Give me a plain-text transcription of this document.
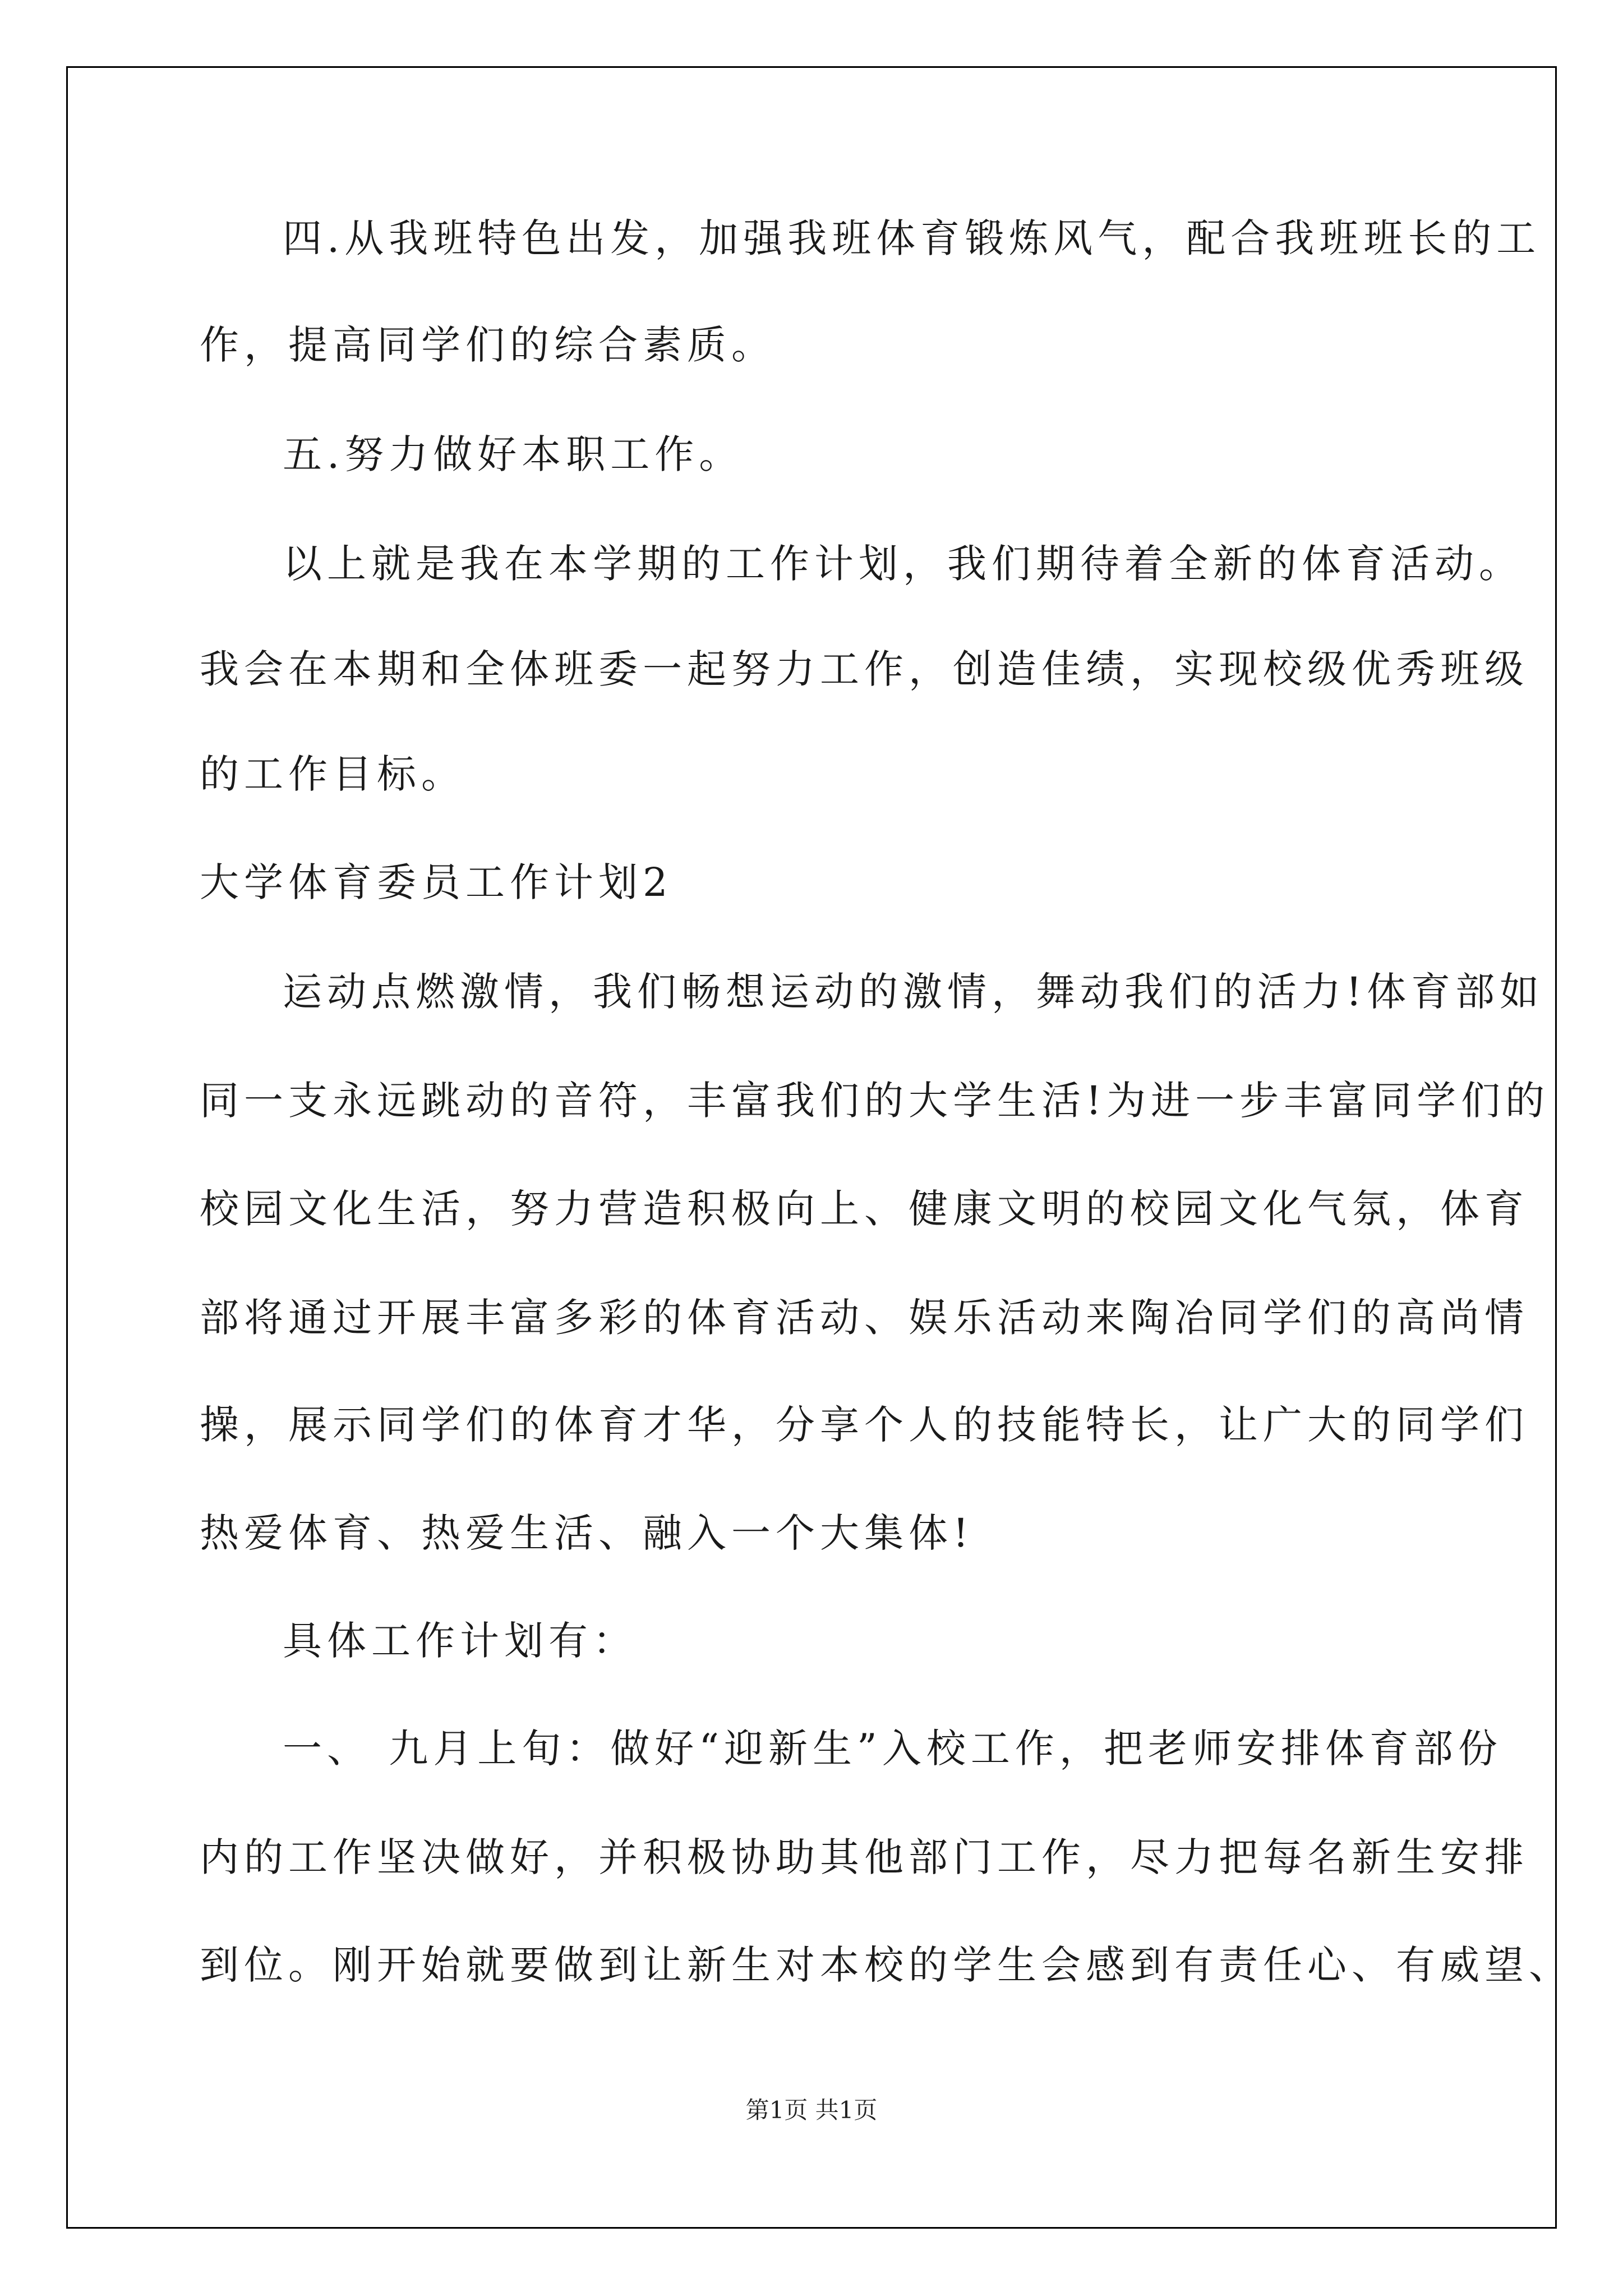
四.从我班特色出发，加强我班体育锻炼风气，配合我班班长的工
作，提高同学们的综合素质。
五.努力做好本职工作。
以上就是我在本学期的工作计划，我们期待着全新的体育活动。
我会在本期和全体班委一起努力工作，创造佳绩，实现校级优秀班级
的工作目标。
大学体育委员工作计划2
运动点燃激情，我们畅想运动的激情，舞动我们的活力!体育部如
同一支永远跳动的音符，丰富我们的大学生活!为进一步丰富同学们的
校园文化生活，努力营造积极向上、健康文明的校园文化气氛，体育
部将通过开展丰富多彩的体育活动、娱乐活动来陶冶同学们的高尚情
操，展示同学们的体育才华，分享个人的技能特长，让广大的同学们
热爱体育、热爱生活、融入一个大集体!
具体工作计划有：
一、 九月上旬：做好“迎新生”入校工作，把老师安排体育部份
内的工作坚决做好，并积极协助其他部门工作，尽力把每名新生安排
到位。刚开始就要做到让新生对本校的学生会感到有责任心、有威望、
第1页 共1页
